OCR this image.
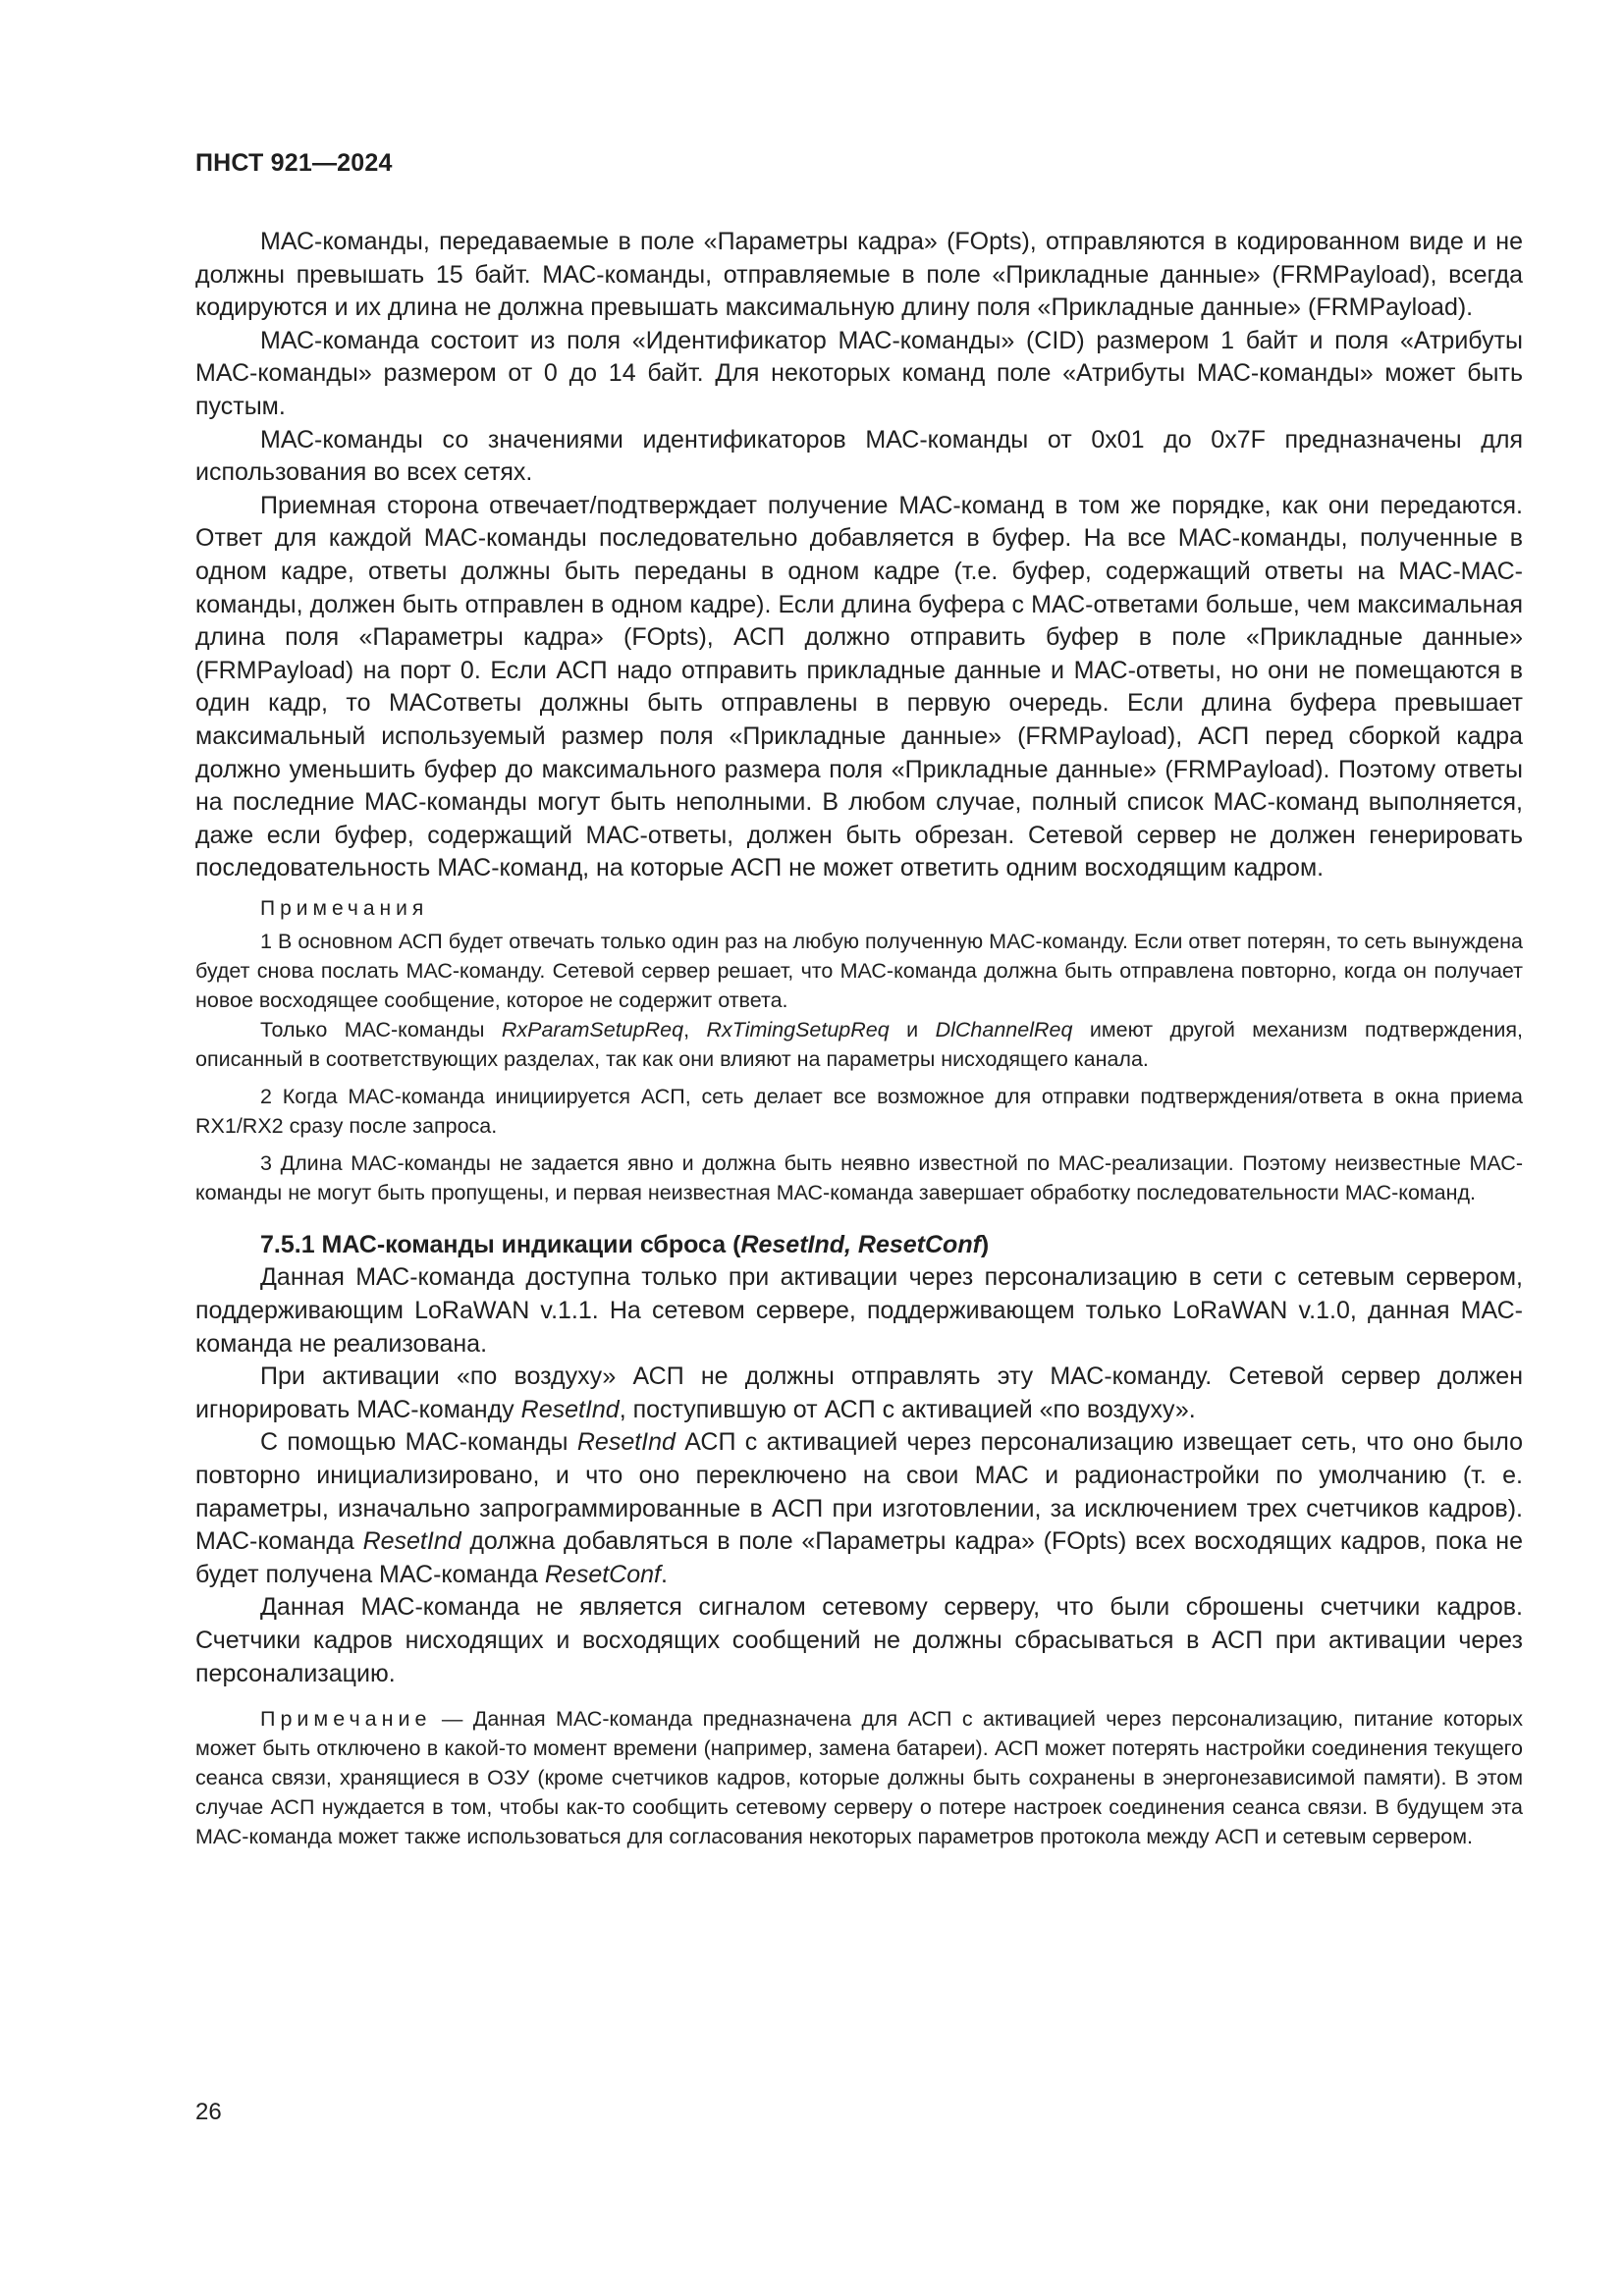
ПНСТ 921—2024

МАС-команды, передаваемые в поле «Параметры кадра» (FOpts), отправляются в кодированном виде и не должны превышать 15 байт. МАС-команды, отправляемые в поле «Прикладные данные» (FRMPayload), всегда кодируются и их длина не должна превышать максимальную длину поля «Прикладные данные» (FRMPayload).

МАС-команда состоит из поля «Идентификатор МАС-команды» (CID) размером 1 байт и поля «Атрибуты МАС-команды» размером от 0 до 14 байт. Для некоторых команд поле «Атрибуты МАС-команды» может быть пустым.

МАС-команды со значениями идентификаторов МАС-команды от 0x01 до 0x7F предназначены для использования во всех сетях.

Приемная сторона отвечает/подтверждает получение МАС-команд в том же порядке, как они передаются. Ответ для каждой МАС-команды последовательно добавляется в буфер. На все МАС-команды, полученные в одном кадре, ответы должны быть переданы в одном кадре (т.е. буфер, содержащий ответы на МАС-МАС-команды, должен быть отправлен в одном кадре). Если длина буфера с МАС-ответами больше, чем максимальная длина поля «Параметры кадра» (FOpts), АСП должно отправить буфер в поле «Прикладные данные» (FRMPayload) на порт 0. Если АСП надо отправить прикладные данные и МАС-ответы, но они не помещаются в один кадр, то МАСответы должны быть отправлены в первую очередь. Если длина буфера превышает максимальный используемый размер поля «Прикладные данные» (FRMPayload), АСП перед сборкой кадра должно уменьшить буфер до максимального размера поля «Прикладные данные» (FRMPayload). Поэтому ответы на последние МАС-команды могут быть неполными. В любом случае, полный список МАС-команд выполняется, даже если буфер, содержащий МАС-ответы, должен быть обрезан. Сетевой сервер не должен генерировать последовательность МАС-команд, на которые АСП не может ответить одним восходящим кадром.

Примечания

1 В основном АСП будет отвечать только один раз на любую полученную МАС-команду. Если ответ потерян, то сеть вынуждена будет снова послать МАС-команду. Сетевой сервер решает, что МАС-команда должна быть отправлена повторно, когда он получает новое восходящее сообщение, которое не содержит ответа.

Только МАС-команды RxParamSetupReq, RxTimingSetupReq и DlChannelReq имеют другой механизм подтверждения, описанный в соответствующих разделах, так как они влияют на параметры нисходящего канала.

2 Когда МАС-команда инициируется АСП, сеть делает все возможное для отправки подтверждения/ответа в окна приема RX1/RX2 сразу после запроса.

3 Длина МАС-команды не задается явно и должна быть неявно известной по МАС-реализации. Поэтому неизвестные МАС-команды не могут быть пропущены, и первая неизвестная МАС-команда завершает обработку последовательности МАС-команд.

7.5.1 МАС-команды индикации сброса (ResetInd, ResetConf)

Данная МАС-команда доступна только при активации через персонализацию в сети с сетевым сервером, поддерживающим LoRaWAN v.1.1. На сетевом сервере, поддерживающем только LoRaWAN v.1.0, данная МАС-команда не реализована.

При активации «по воздуху» АСП не должны отправлять эту МАС-команду. Сетевой сервер должен игнорировать МАС-команду ResetInd, поступившую от АСП с активацией «по воздуху».

С помощью МАС-команды ResetInd АСП с активацией через персонализацию извещает сеть, что оно было повторно инициализировано, и что оно переключено на свои МАС и радионастройки по умолчанию (т. е. параметры, изначально запрограммированные в АСП при изготовлении, за исключением трех счетчиков кадров). МАС-команда ResetInd должна добавляться в поле «Параметры кадра» (FOpts) всех восходящих кадров, пока не будет получена МАС-команда ResetConf.

Данная МАС-команда не является сигналом сетевому серверу, что были сброшены счетчики кадров. Счетчики кадров нисходящих и восходящих сообщений не должны сбрасываться в АСП при активации через персонализацию.

Примечание — Данная МАС-команда предназначена для АСП с активацией через персонализацию, питание которых может быть отключено в какой-то момент времени (например, замена батареи). АСП может потерять настройки соединения текущего сеанса связи, хранящиеся в ОЗУ (кроме счетчиков кадров, которые должны быть сохранены в энергонезависимой памяти). В этом случае АСП нуждается в том, чтобы как-то сообщить сетевому серверу о потере настроек соединения сеанса связи. В будущем эта МАС-команда может также использоваться для согласования некоторых параметров протокола между АСП и сетевым сервером.

26
